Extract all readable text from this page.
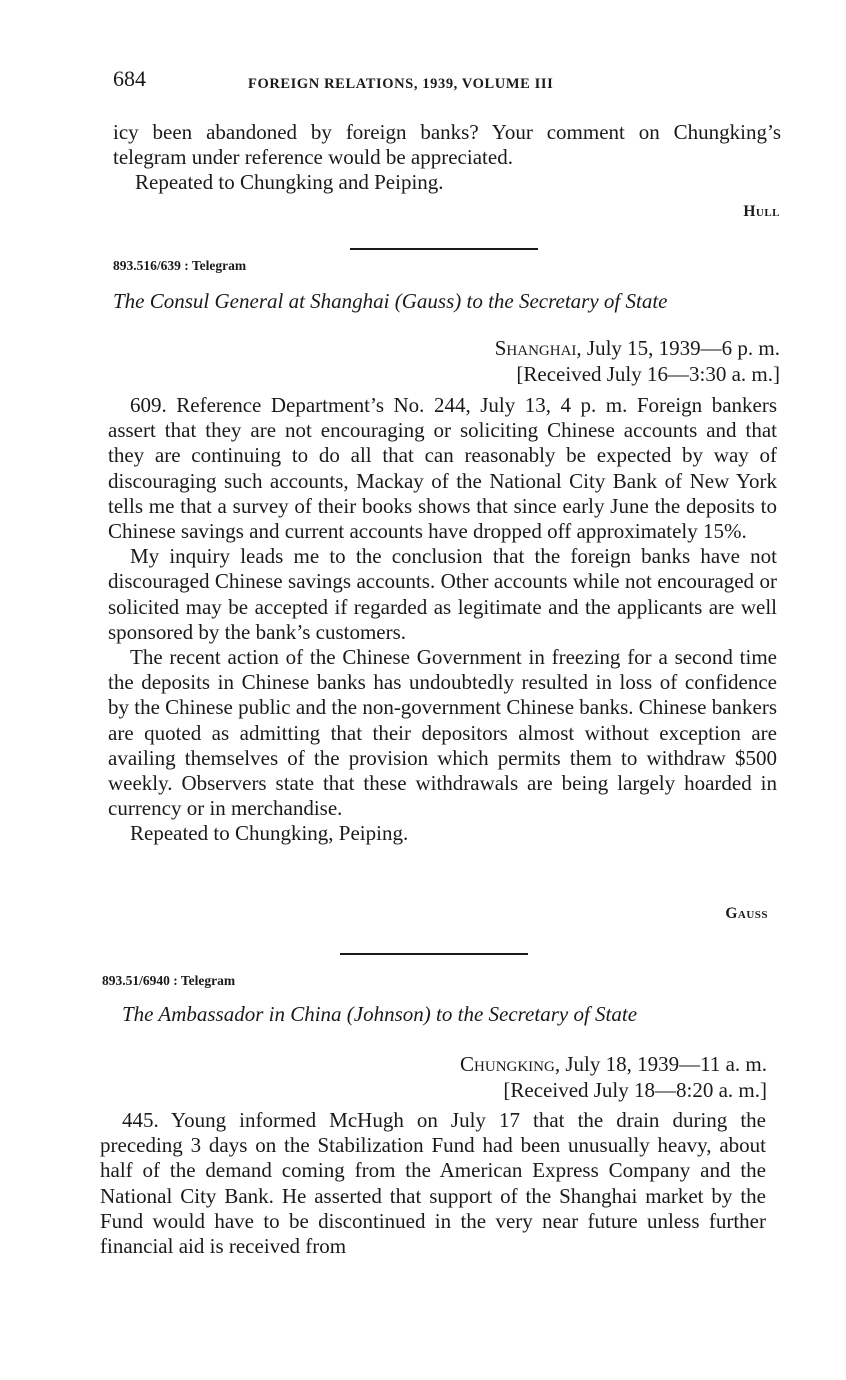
684	FOREIGN RELATIONS, 1939, VOLUME III

icy been abandoned by foreign banks? Your comment on Chungking’s telegram under reference would be appreciated.

Repeated to Chungking and Peiping.

Hull
893.516/639 : Telegram
The Consul General at Shanghai (Gauss) to the Secretary of State
Shanghai, July 15, 1939—6 p. m.
[Received July 16—3:30 a. m.]

609. Reference Department’s No. 244, July 13, 4 p. m. Foreign bankers assert that they are not encouraging or soliciting Chinese accounts and that they are continuing to do all that can reasonably be expected by way of discouraging such accounts, Mackay of the National City Bank of New York tells me that a survey of their books shows that since early June the deposits to Chinese savings and current accounts have dropped off approximately 15%.

My inquiry leads me to the conclusion that the foreign banks have not discouraged Chinese savings accounts. Other accounts while not encouraged or solicited may be accepted if regarded as legitimate and the applicants are well sponsored by the bank’s customers.

The recent action of the Chinese Government in freezing for a second time the deposits in Chinese banks has undoubtedly resulted in loss of confidence by the Chinese public and the non-government Chinese banks. Chinese bankers are quoted as admitting that their depositors almost without exception are availing themselves of the provision which permits them to withdraw $500 weekly. Observers state that these withdrawals are being largely hoarded in currency or in merchandise.

Repeated to Chungking, Peiping.

Gauss
893.51/6940 : Telegram
The Ambassador in China (Johnson) to the Secretary of State
Chungking, July 18, 1939—11 a. m.
[Received July 18—8:20 a. m.]

445. Young informed McHugh on July 17 that the drain during the preceding 3 days on the Stabilization Fund had been unusually heavy, about half of the demand coming from the American Express Company and the National City Bank. He asserted that support of the Shanghai market by the Fund would have to be discontinued in the very near future unless further financial aid is received from
